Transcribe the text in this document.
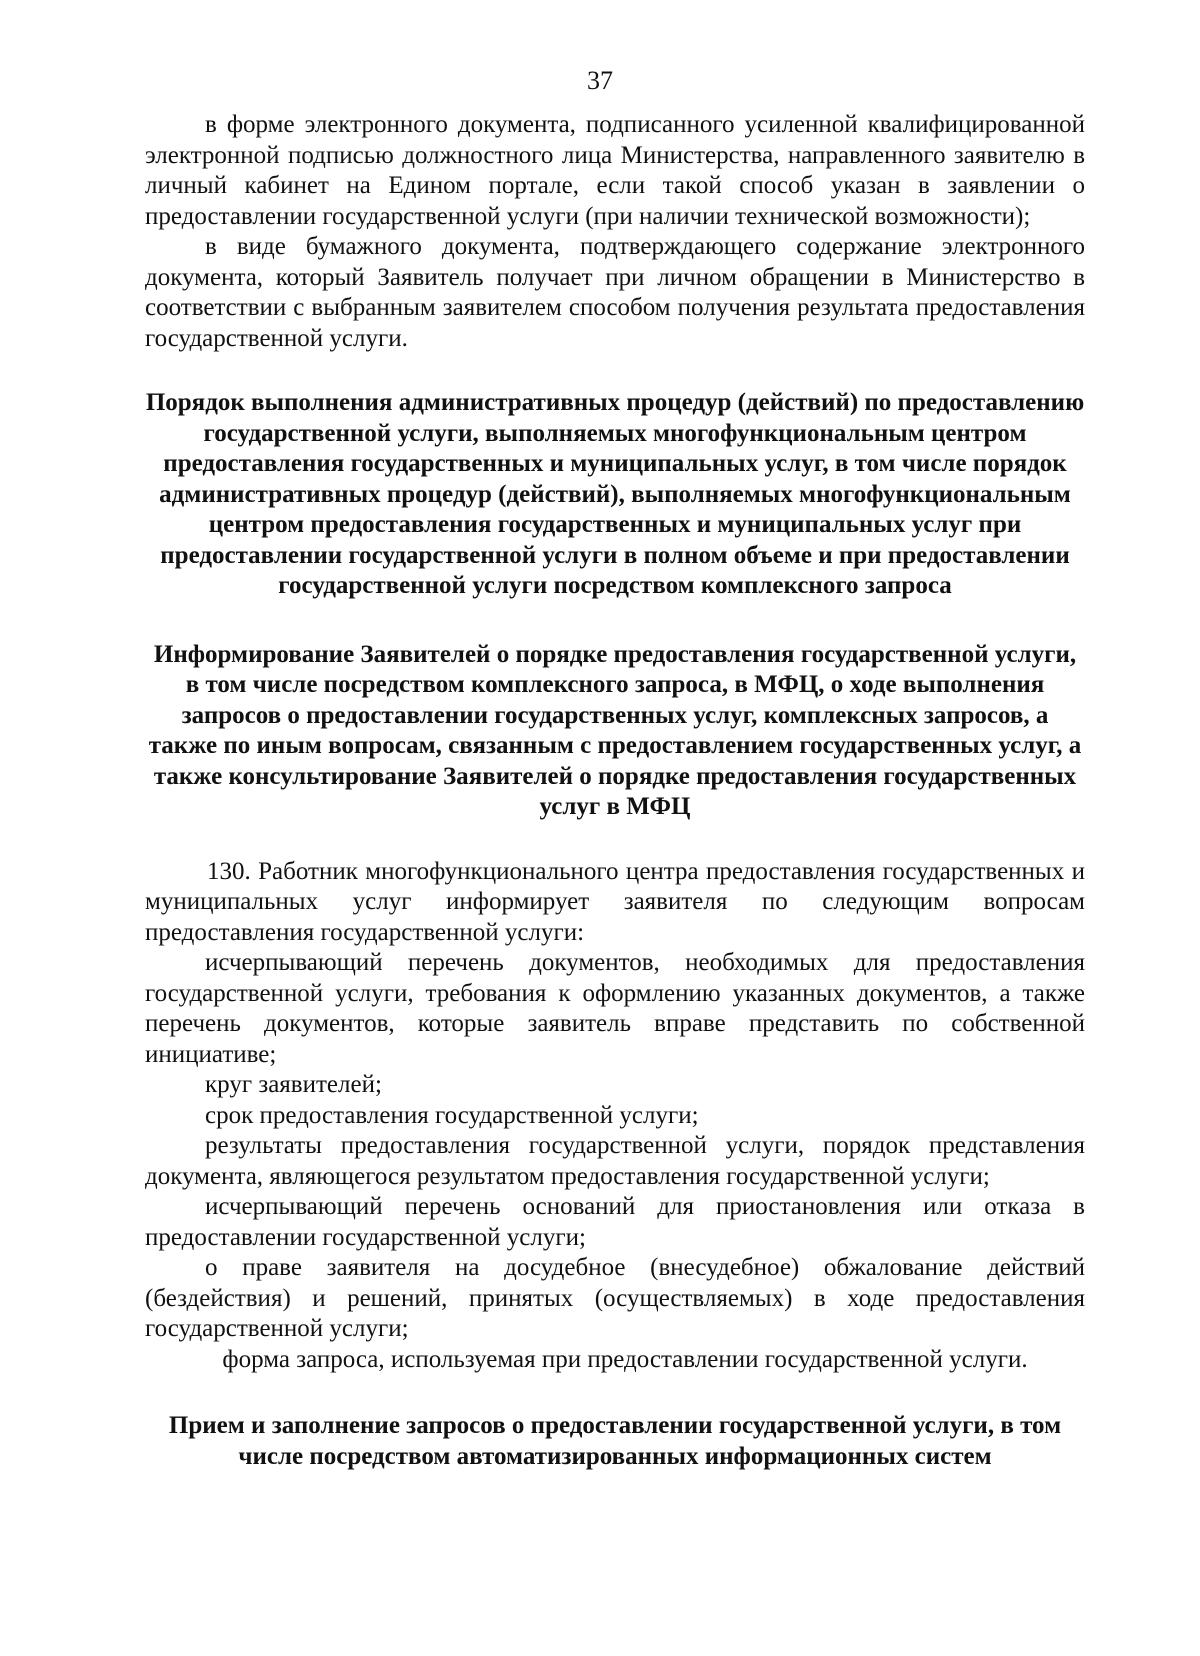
37

в форме электронного документа, подписанного усиленной квалифицированной электронной подписью должностного лица Министерства, направленного заявителю в личный кабинет на Едином портале, если такой способ указан в заявлении о предоставлении государственной услуги (при наличии технической возможности);

в виде бумажного документа, подтверждающего содержание электронного документа, который Заявитель получает при личном обращении в Министерство в соответствии с выбранным заявителем способом получения результата предоставления государственной услуги.

Порядок выполнения административных процедур (действий) по предоставлению государственной услуги, выполняемых многофункциональным центром предоставления государственных и муниципальных услуг, в том числе порядок административных процедур (действий), выполняемых многофункциональным центром предоставления государственных и муниципальных услуг при предоставлении государственной услуги в полном объеме и при предоставлении государственной услуги посредством комплексного запроса
Информирование Заявителей о порядке предоставления государственной услуги, в том числе посредством комплексного запроса, в МФЦ, о ходе выполнения запросов о предоставлении государственных услуг, комплексных запросов, а также по иным вопросам, связанным с предоставлением государственных услуг, а также консультирование Заявителей о порядке предоставления государственных услуг в МФЦ

130. Работник многофункционального центра предоставления государственных и муниципальных услуг информирует заявителя по следующим вопросам предоставления государственной услуги:

исчерпывающий перечень документов, необходимых для предоставления государственной услуги, требования к оформлению указанных документов, а также перечень документов, которые заявитель вправе представить по собственной инициативе;

круг заявителей;

срок предоставления государственной услуги;

результаты предоставления государственной услуги, порядок представления документа, являющегося результатом предоставления государственной услуги;

исчерпывающий перечень оснований для приостановления или отказа в предоставлении государственной услуги;

о праве заявителя на досудебное (внесудебное) обжалование действий (бездействия) и решений, принятых (осуществляемых) в ходе предоставления государственной услуги;

форма запроса, используемая при предоставлении государственной услуги.

Прием и заполнение запросов о предоставлении государственной услуги, в том числе посредством автоматизированных информационных систем
